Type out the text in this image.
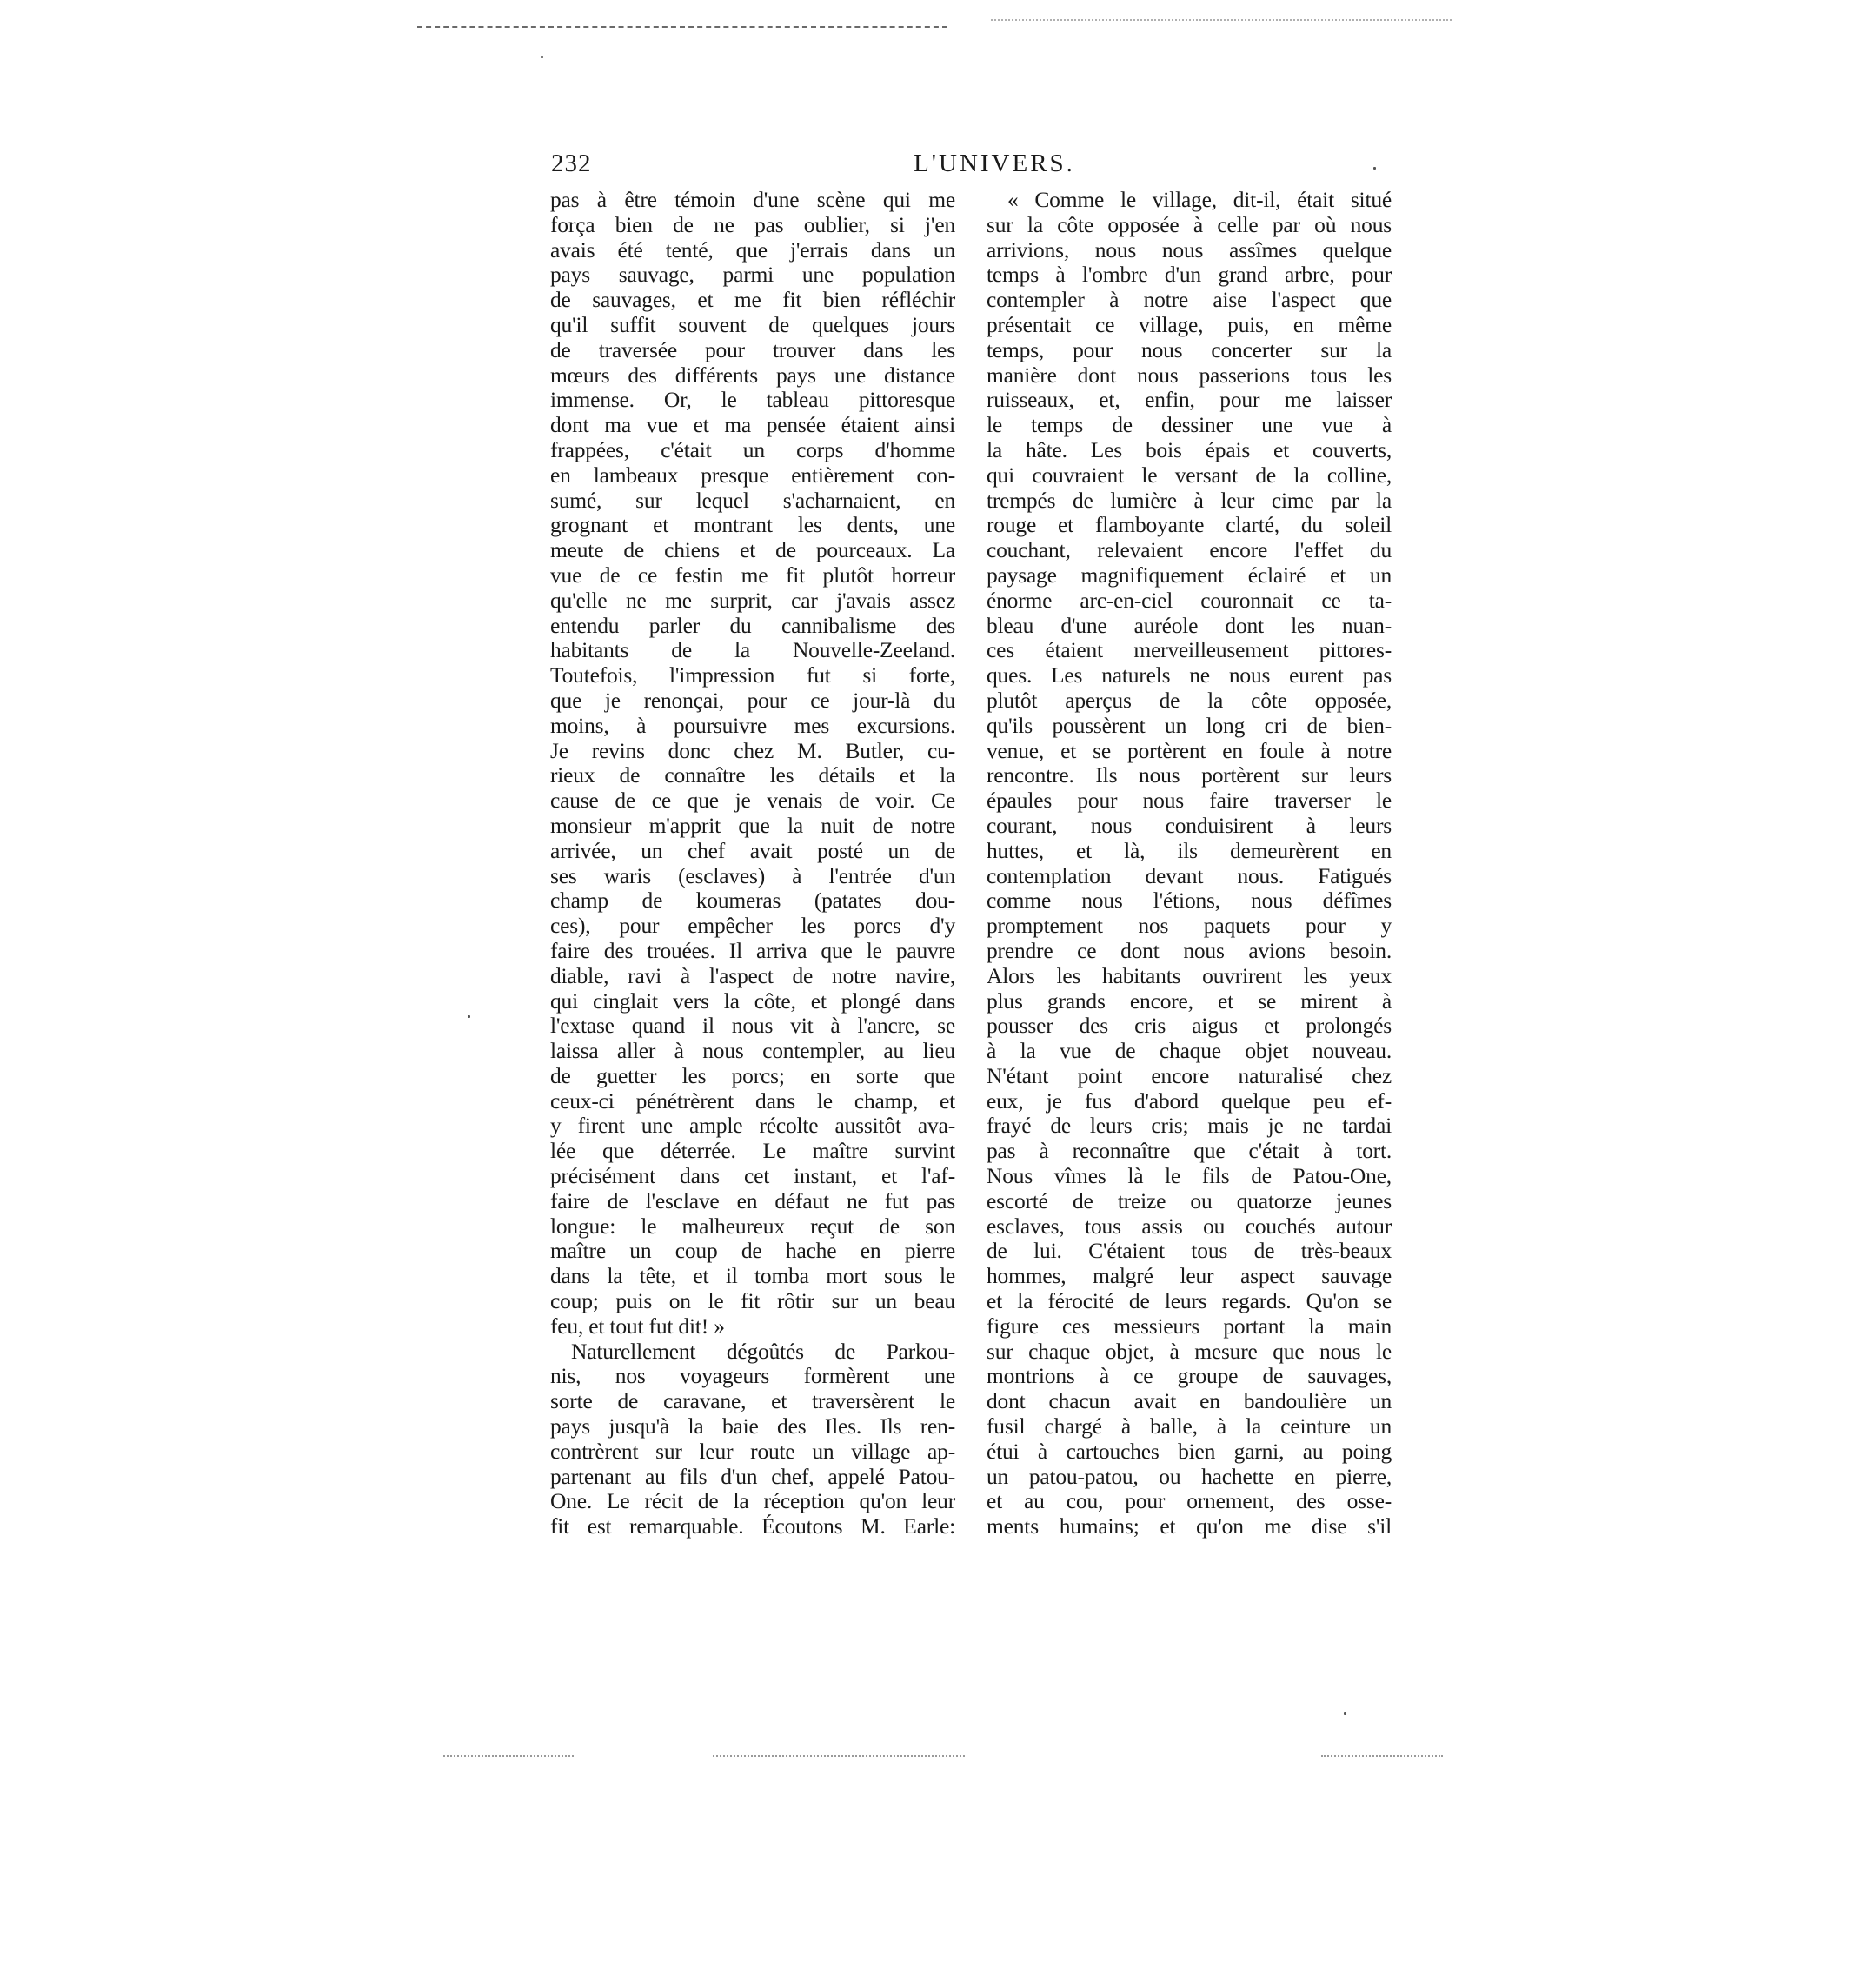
232	L'UNIVERS.
pas à être témoin d'une scène qui me
força bien de ne pas oublier, si j'en
avais été tenté, que j'errais dans un
pays sauvage, parmi une population
de sauvages, et me fit bien réfléchir
qu'il suffit souvent de quelques jours
de traversée pour trouver dans les
mœurs des différents pays une distance
immense. Or, le tableau pittoresque
dont ma vue et ma pensée étaient ainsi
frappées, c'était un corps d'homme
en lambeaux presque entièrement con-
sumé, sur lequel s'acharnaient, en
grognant et montrant les dents, une
meute de chiens et de pourceaux. La
vue de ce festin me fit plutôt horreur
qu'elle ne me surprit, car j'avais assez
entendu parler du cannibalisme des
habitants de la Nouvelle-Zeeland.
Toutefois, l'impression fut si forte,
que je renonçai, pour ce jour-là du
moins, à poursuivre mes excursions.
Je revins donc chez M. Butler, cu-
rieux de connaître les détails et la
cause de ce que je venais de voir. Ce
monsieur m'apprit que la nuit de notre
arrivée, un chef avait posté un de
ses waris (esclaves) à l'entrée d'un
champ de koumeras (patates dou-
ces), pour empêcher les porcs d'y
faire des trouées. Il arriva que le pauvre
diable, ravi à l'aspect de notre navire,
qui cinglait vers la côte, et plongé dans
l'extase quand il nous vit à l'ancre, se
laissa aller à nous contempler, au lieu
de guetter les porcs; en sorte que
ceux-ci pénétrèrent dans le champ, et
y firent une ample récolte aussitôt ava-
lée que déterrée. Le maître survint
précisément dans cet instant, et l'af-
faire de l'esclave en défaut ne fut pas
longue: le malheureux reçut de son
maître un coup de hache en pierre
dans la tête, et il tomba mort sous le
coup; puis on le fit rôtir sur un beau
feu, et tout fut dit! »
Naturellement dégoûtés de Parkou-
nis, nos voyageurs formèrent une
sorte de caravane, et traversèrent le
pays jusqu'à la baie des Iles. Ils ren-
contrèrent sur leur route un village ap-
partenant au fils d'un chef, appelé Patou-
One. Le récit de la réception qu'on leur
fit est remarquable. Écoutons M. Earle:
« Comme le village, dit-il, était situé
sur la côte opposée à celle par où nous
arrivions, nous nous assîmes quelque
temps à l'ombre d'un grand arbre, pour
contempler à notre aise l'aspect que
présentait ce village, puis, en même
temps, pour nous concerter sur la
manière dont nous passerions tous les
ruisseaux, et, enfin, pour me laisser
le temps de dessiner une vue à
la hâte. Les bois épais et couverts,
qui couvraient le versant de la colline,
trempés de lumière à leur cime par la
rouge et flamboyante clarté, du soleil
couchant, relevaient encore l'effet du
paysage magnifiquement éclairé et un
énorme arc-en-ciel couronnait ce ta-
bleau d'une auréole dont les nuan-
ces étaient merveilleusement pittores-
ques. Les naturels ne nous eurent pas
plutôt aperçus de la côte opposée,
qu'ils poussèrent un long cri de bien-
venue, et se portèrent en foule à notre
rencontre. Ils nous portèrent sur leurs
épaules pour nous faire traverser le
courant, nous conduisirent à leurs
huttes, et là, ils demeurèrent en
contemplation devant nous. Fatigués
comme nous l'étions, nous défîmes
promptement nos paquets pour y
prendre ce dont nous avions besoin.
Alors les habitants ouvrirent les yeux
plus grands encore, et se mirent à
pousser des cris aigus et prolongés
à la vue de chaque objet nouveau.
N'étant point encore naturalisé chez
eux, je fus d'abord quelque peu ef-
frayé de leurs cris; mais je ne tardai
pas à reconnaître que c'était à tort.
Nous vîmes là le fils de Patou-One,
escorté de treize ou quatorze jeunes
esclaves, tous assis ou couchés autour
de lui. C'étaient tous de très-beaux
hommes, malgré leur aspect sauvage
et la férocité de leurs regards. Qu'on se
figure ces messieurs portant la main
sur chaque objet, à mesure que nous le
montrions à ce groupe de sauvages,
dont chacun avait en bandoulière un
fusil chargé à balle, à la ceinture un
étui à cartouches bien garni, au poing
un patou-patou, ou hachette en pierre,
et au cou, pour ornement, des osse-
ments humains; et qu'on me dise s'il
